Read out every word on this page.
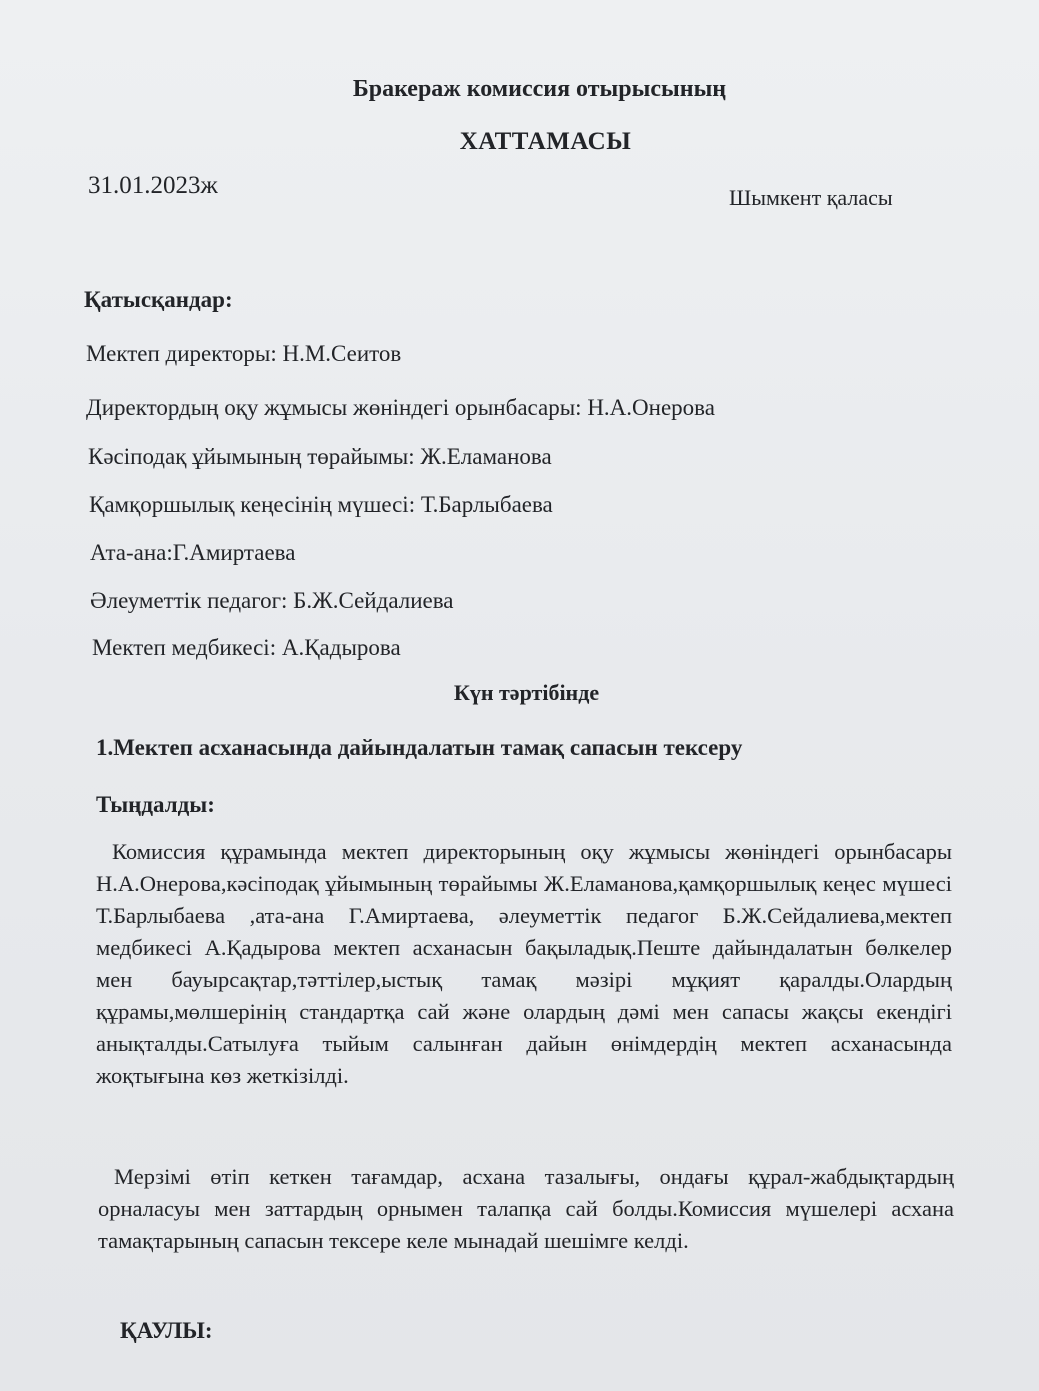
Бракераж комиссия отырысының
ХАТТАМАСЫ
31.01.2023ж	Шымкент қаласы
Қатысқандар:
Мектеп директоры: Н.М.Сеитов
Директордың оқу жұмысы жөніндегі орынбасары: Н.А.Онерова
Кәсіподақ ұйымының төрайымы: Ж.Еламанова
Қамқоршылық кеңесінің мүшесі: Т.Барлыбаева
Ата-ана:Г.Амиртаева
Әлеуметтік педагог: Б.Ж.Сейдалиева
Мектеп медбикесі: А.Қадырова
Күн тәртібінде
1.Мектеп асханасында дайындалатын тамақ сапасын тексеру
Тыңдалды:

Комиссия құрамында мектеп директорының оқу жұмысы жөніндегі орынбасары Н.А.Онерова,кәсіподақ ұйымының төрайымы Ж.Еламанова,қамқоршылық кеңес мүшесі Т.Барлыбаева ,ата-ана Г.Амиртаева, әлеуметтік педагог Б.Ж.Сейдалиева,мектеп медбикесі А.Қадырова мектеп асханасын бақыладық.Пеште дайындалатын бөлкелер мен бауырсақтар,тәттілер,ыстық тамақ мәзірі мұқият қаралды.Олардың құрамы,мөлшерінің стандартқа сай және олардың дәмі мен сапасы жақсы екендігі анықталды.Сатылуға тыйым салынған дайын өнімдердің мектеп асханасында жоқтығына көз жеткізілді.

Мерзімі өтіп кеткен тағамдар, асхана тазалығы, ондағы құрал-жабдықтардың орналасуы мен заттардың орнымен талапқа сай болды.Комиссия мүшелері асхана тамақтарының сапасын тексере келе мынадай шешімге келді.

ҚАУЛЫ:
